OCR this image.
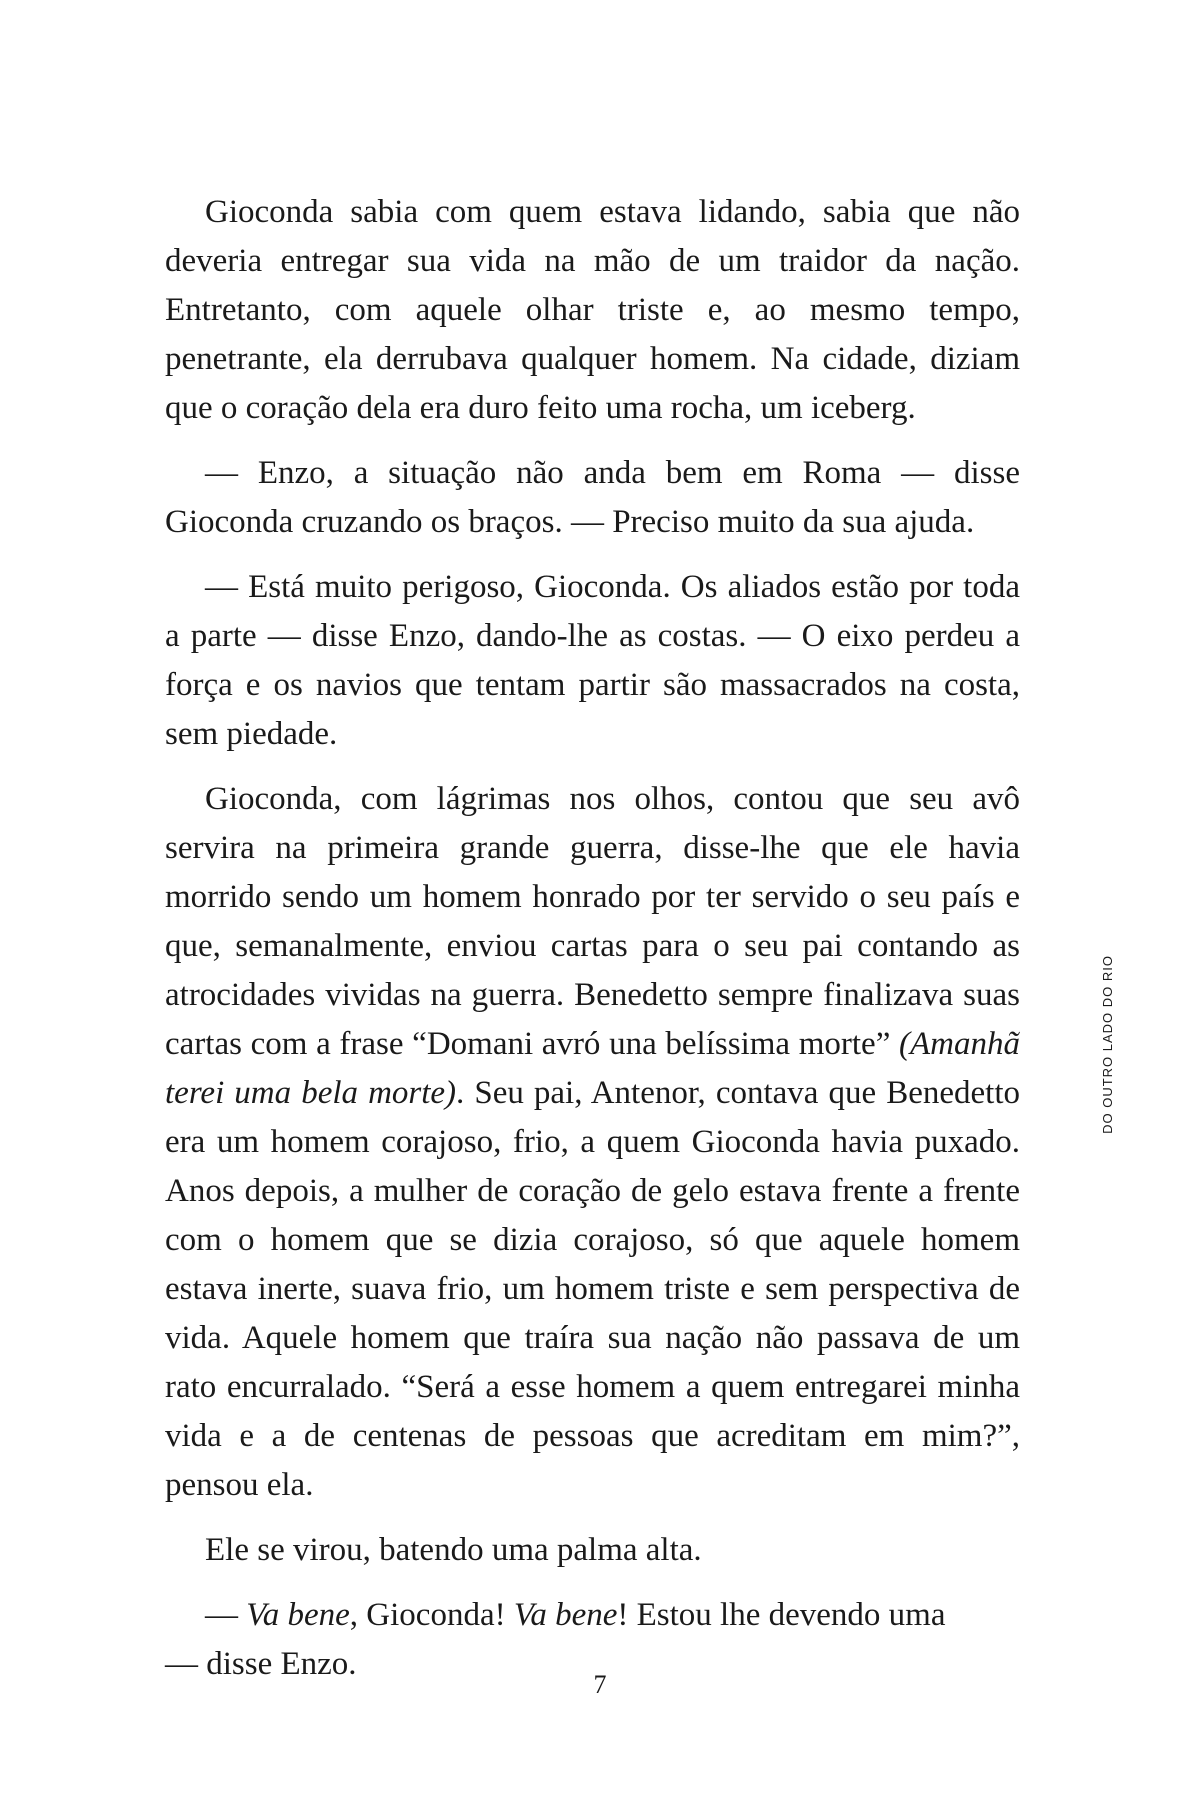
Gioconda sabia com quem estava lidando, sabia que não deveria entregar sua vida na mão de um traidor da nação. Entretanto, com aquele olhar triste e, ao mesmo tempo, penetrante, ela derrubava qualquer homem. Na cidade, diziam que o coração dela era duro feito uma rocha, um iceberg.

— Enzo, a situação não anda bem em Roma — disse Gioconda cruzando os braços. — Preciso muito da sua ajuda.

— Está muito perigoso, Gioconda. Os aliados estão por toda a parte — disse Enzo, dando-lhe as costas. — O eixo perdeu a força e os navios que tentam partir são massacrados na costa, sem piedade.

Gioconda, com lágrimas nos olhos, contou que seu avô servira na primeira grande guerra, disse-lhe que ele havia morrido sendo um homem honrado por ter servido o seu país e que, semanalmente, enviou cartas para o seu pai contando as atrocidades vividas na guerra. Benedetto sempre finalizava suas cartas com a frase “Domani avró una belíssima morte” (Amanhã terei uma bela morte). Seu pai, Antenor, contava que Benedetto era um homem corajoso, frio, a quem Gioconda havia puxado. Anos depois, a mulher de coração de gelo estava frente a frente com o homem que se dizia corajoso, só que aquele homem estava inerte, suava frio, um homem triste e sem perspectiva de vida. Aquele homem que traíra sua nação não passava de um rato encurralado. “Será a esse homem a quem entregarei minha vida e a de centenas de pessoas que acreditam em mim?”, pensou ela.

Ele se virou, batendo uma palma alta.

— Va bene, Gioconda! Va bene! Estou lhe devendo uma

— disse Enzo.

DO OUTRO LADO DO RIO
7
